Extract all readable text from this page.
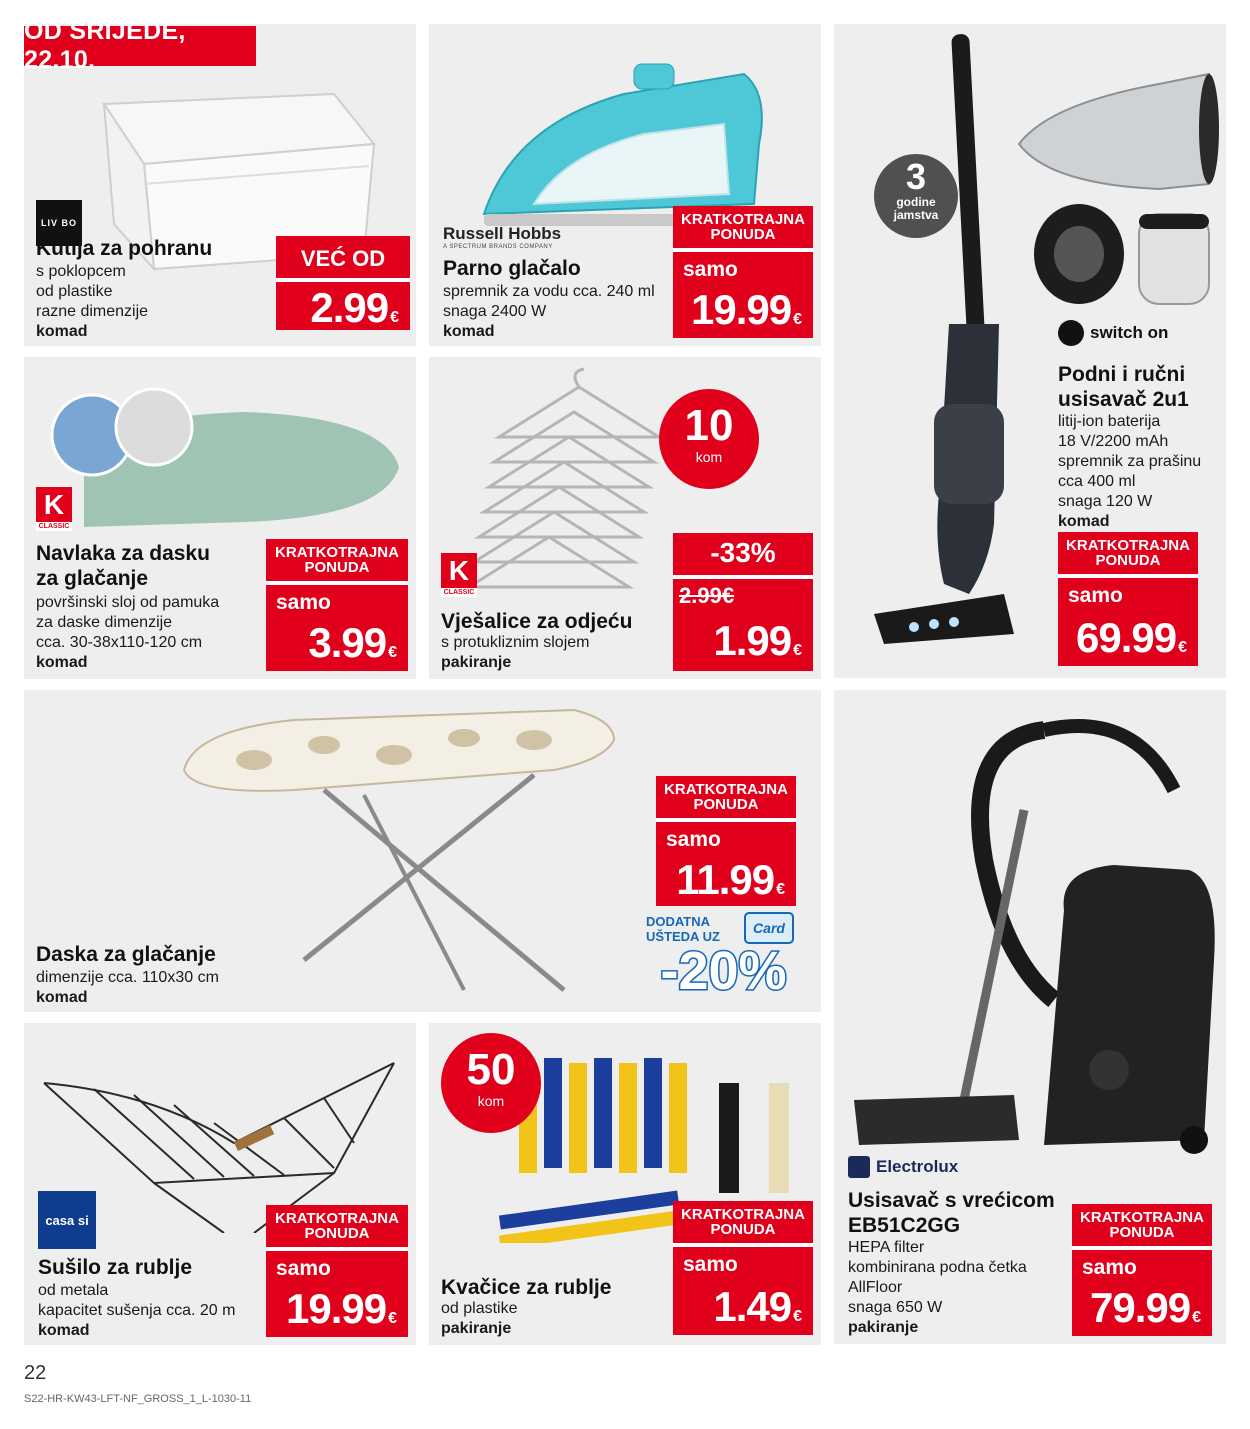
OD SRIJEDE, 22.10.
LIV BO
Kutija za pohranu
s poklopcem
od plastike
razne dimenzije
komad
VEĆ OD
2.99 €
Russell Hobbs
A SPECTRUM BRANDS COMPANY
Parno glačalo
spremnik za vodu cca. 240 ml
snaga 2400 W
komad
KRATKOTRAJNA
PONUDA
samo
19.99 €
3
godine
jamstva
switch on
Podni i ručni
usisavač 2u1
litij-ion baterija
18 V/2200 mAh
spremnik za prašinu
cca 400 ml
snaga 120 W
komad
KRATKOTRAJNA
PONUDA
samo
69.99 €
K
CLASSIC
Navlaka za dasku
za glačanje
površinski sloj od pamuka
za daske dimenzije
cca. 30-38x110-120 cm
komad
KRATKOTRAJNA
PONUDA
samo
3.99 €
10
kom
K
CLASSIC
Vješalice za odjeću
s protukliznim slojem
pakiranje
-33%
2.99€
1.99 €
Daska za glačanje
dimenzije cca. 110x30 cm
komad
KRATKOTRAJNA
PONUDA
samo
11.99 €
DODATNA
UŠTEDA UZ
Card
-20%
Electrolux
Usisavač s vrećicom
EB51C2GG
HEPA filter
kombinirana podna četka
AllFloor
snaga 650 W
pakiranje
KRATKOTRAJNA
PONUDA
samo
79.99 €
casa si
Sušilo za rublje
od metala
kapacitet sušenja cca. 20 m
komad
KRATKOTRAJNA
PONUDA
samo
19.99 €
50
kom
Kvačice za rublje
od plastike
pakiranje
KRATKOTRAJNA
PONUDA
samo
1.49 €
22
S22-HR-KW43-LFT-NF_GROSS_1_L-1030-11
